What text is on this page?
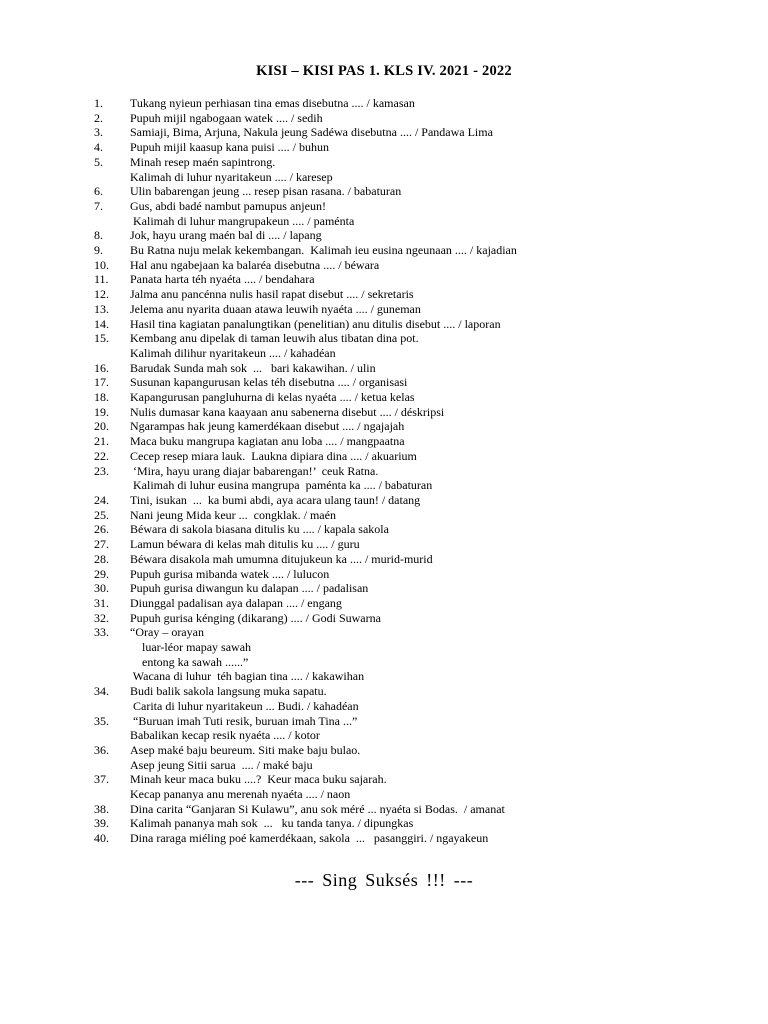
KISI – KISI PAS 1. KLS IV. 2021 - 2022
1.	Tukang nyieun perhiasan tina emas disebutna .... / kamasan
2.	Pupuh mijil ngabogaan watek .... / sedih
3.	Samiaji, Bima, Arjuna, Nakula jeung Sadéwa disebutna .... / Pandawa Lima
4.	Pupuh mijil kaasup kana puisi .... / buhun
5.	Minah resep maén sapintrong.
Kalimah di luhur nyaritakeun .... / karesep
6.	Ulin babarengan jeung ... resep pisan rasana. / babaturan
7.	Gus, abdi badé nambut pamupus anjeun!
Kalimah di luhur mangrupakeun .... / paménta
8.	Jok, hayu urang maén bal di .... / lapang
9.	Bu Ratna nuju melak kekembangan.  Kalimah ieu eusina ngeunaan .... / kajadian
10.	Hal anu ngabejaan ka balaréa disebutna .... / béwara
11.	Panata harta téh nyaéta .... / bendahara
12.	Jalma anu pancénna nulis hasil rapat disebut .... / sekretaris
13.	Jelema anu nyarita duaan atawa leuwih nyaéta .... / guneman
14.	Hasil tina kagiatan panalungtikan (penelitian) anu ditulis disebut .... / laporan
15.	Kembang anu dipelak di taman leuwih alus tibatan dina pot.
Kalimah dilihur nyaritakeun .... / kahadéan
16.	Barudak Sunda mah sok  ...   bari kakawihan. / ulin
17.	Susunan kapangurusan kelas téh disebutna .... / organisasi
18.	Kapangurusan pangluhurna di kelas nyaéta .... / ketua kelas
19.	Nulis dumasar kana kaayaan anu sabenerna disebut .... / déskripsi
20.	Ngarampas hak jeung kamerdékaan disebut .... / ngajajah
21.	Maca buku mangrupa kagiatan anu loba .... / mangpaatna
22.	Cecep resep miara lauk.  Laukna dipiara dina .... / akuarium
23.	‘Mira, hayu urang diajar babarengan!’  ceuk Ratna.
Kalimah di luhur eusina mangrupa  paménta ka .... / babaturan
24.	Tini, isukan  ...  ka bumi abdi, aya acara ulang taun! / datang
25.	Nani jeung Mida keur ...  congklak. / maén
26.	Béwara di sakola biasana ditulis ku .... / kapala sakola
27.	Lamun béwara di kelas mah ditulis ku .... / guru
28.	Béwara disakola mah umumna ditujukeun ka .... / murid-murid
29.	Pupuh gurisa mibanda watek .... / lulucon
30.	Pupuh gurisa diwangun ku dalapan .... / padalisan
31.	Diunggal padalisan aya dalapan .... / engang
32.	Pupuh gurisa kénging (dikarang) .... / Godi Suwarna
33.	“Oray – orayan
luar-léor mapay sawah
entong ka sawah ......”
Wacana di luhur  téh bagian tina .... / kakawihan
34.	Budi balik sakola langsung muka sapatu.
Carita di luhur nyaritakeun ... Budi. / kahadéan
35.	“Buruan imah Tuti resik, buruan imah Tina ...”
Babalikan kecap resik nyaéta .... / kotor
36.	Asep maké baju beureum. Siti make baju bulao.
Asep jeung Sitii sarua  .... / maké baju
37.	Minah keur maca buku ....?  Keur maca buku sajarah.
Kecap pananya anu merenah nyaéta .... / naon
38.	Dina carita “Ganjaran Si Kulawu”, anu sok méré ... nyaéta si Bodas.  / amanat
39.	Kalimah pananya mah sok  ...   ku tanda tanya. / dipungkas
40.	Dina raraga miéling poé kamerdékaan, sakola  ...   pasanggiri. / ngayakeun
--- Sing Suksés !!! ---
